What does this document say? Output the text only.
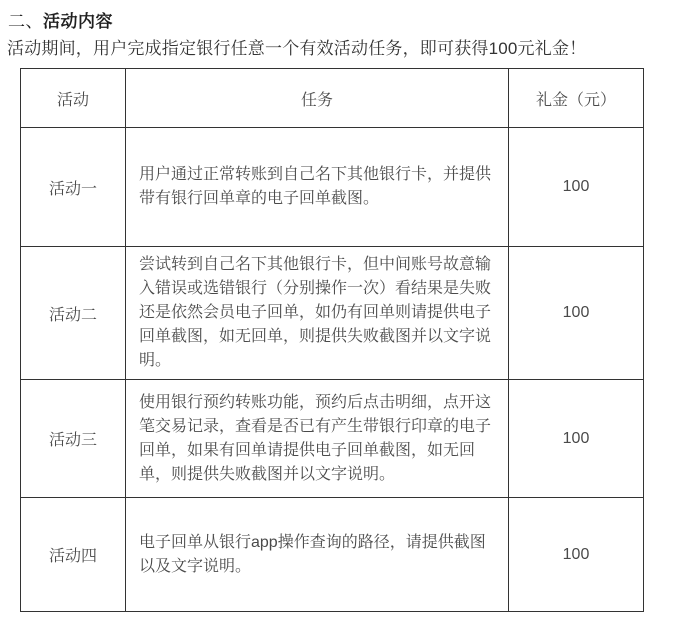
二、活动内容
活动期间，用户完成指定银行任意一个有效活动任务，即可获得100元礼金！
活动	任务	礼金（元）
活动一	用户通过正常转账到自己名下其他银行卡，并提供带有银行回单章的电子回单截图。	100
活动二	尝试转到自己名下其他银行卡，但中间账号故意输入错误或选错银行（分别操作一次）看结果是失败还是依然会员电子回单，如仍有回单则请提供电子回单截图，如无回单，则提供失败截图并以文字说明。	100
活动三	使用银行预约转账功能，预约后点击明细，点开这笔交易记录，查看是否已有产生带银行印章的电子回单，如果有回单请提供电子回单截图，如无回单，则提供失败截图并以文字说明。	100
活动四	电子回单从银行app操作查询的路径，请提供截图以及文字说明。	100
